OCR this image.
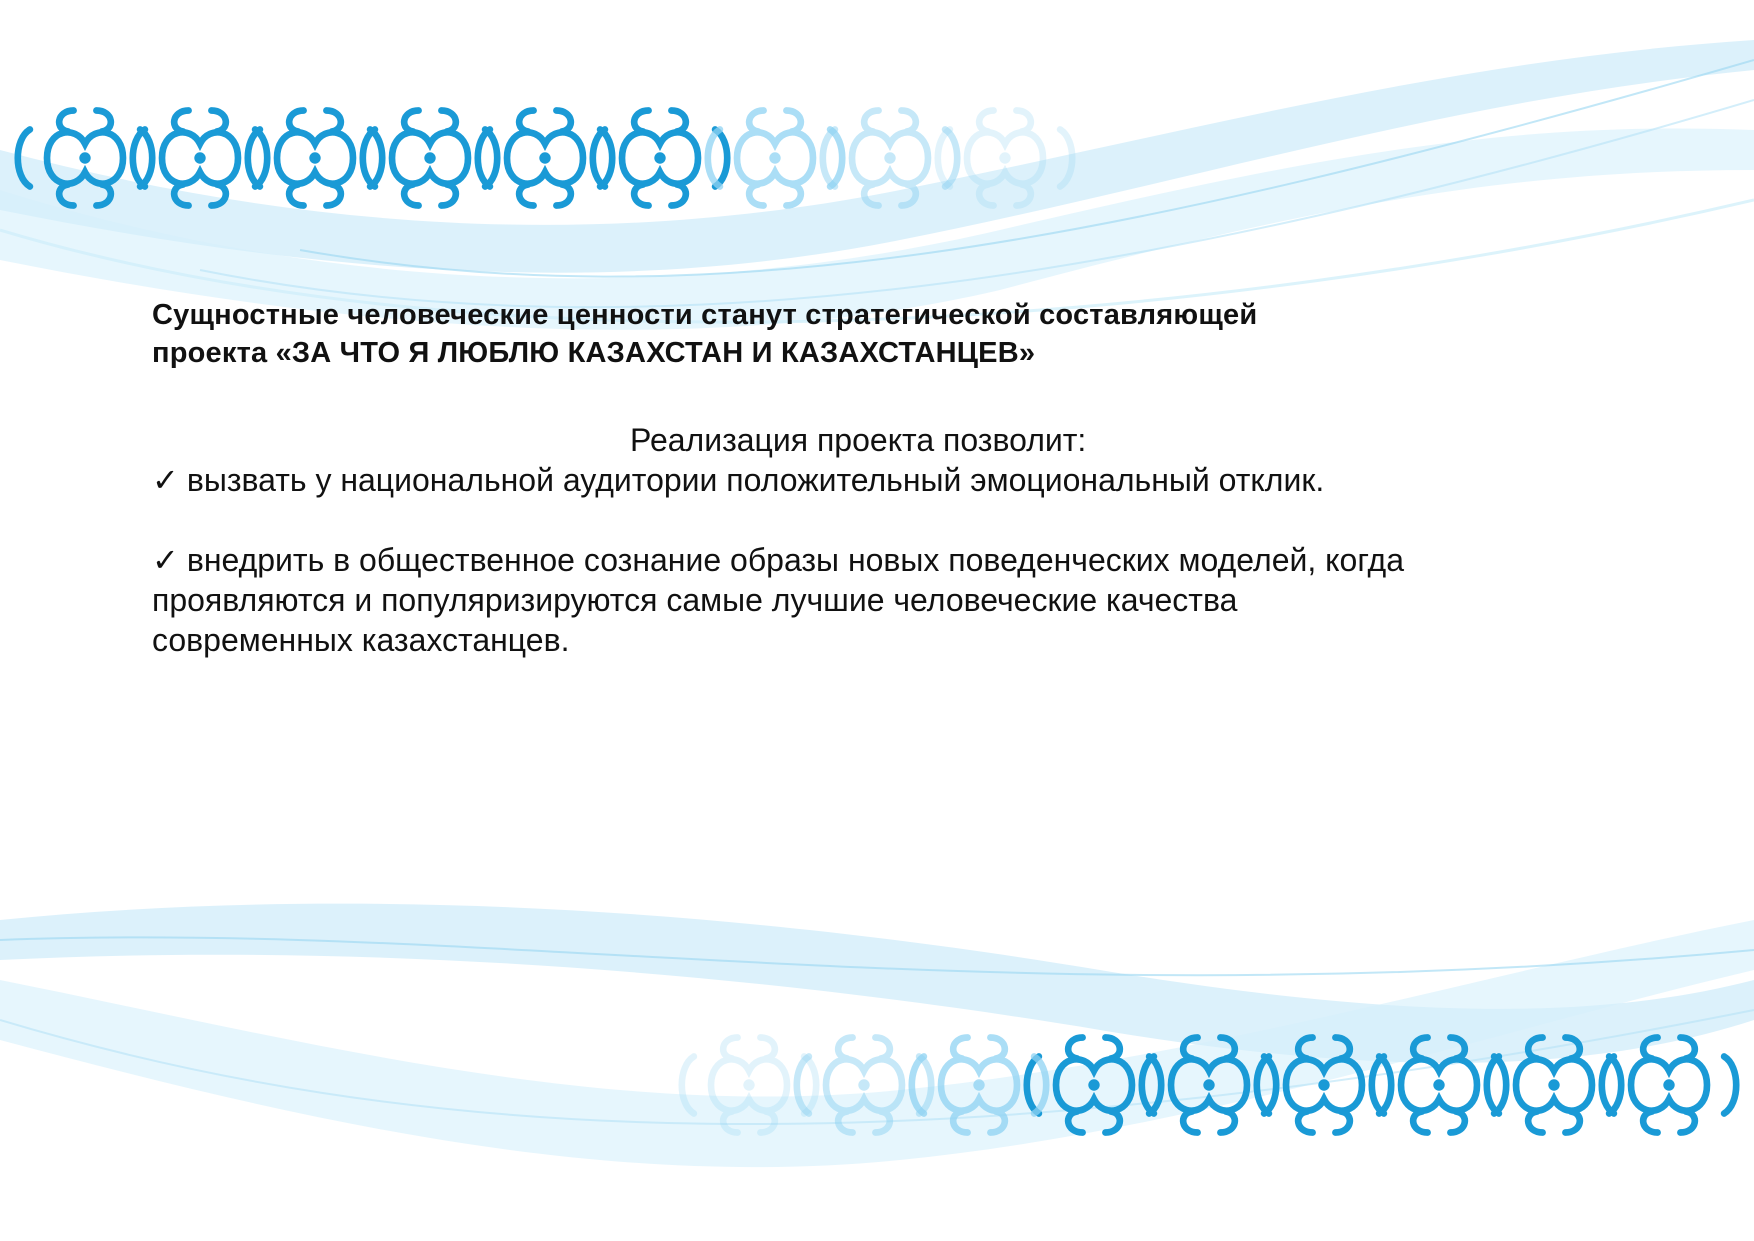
Сущностные человеческие ценности станут стратегической составляющей
проекта «ЗА ЧТО Я ЛЮБЛЮ КАЗАХСТАН И КАЗАХСТАНЦЕВ»

Реализация проекта позволит:

✓ вызвать у национальной аудитории положительный эмоциональный отклик.

✓ внедрить в общественное сознание образы новых поведенческих моделей, когда
проявляются и популяризируются самые лучшие человеческие качества
современных казахстанцев.
